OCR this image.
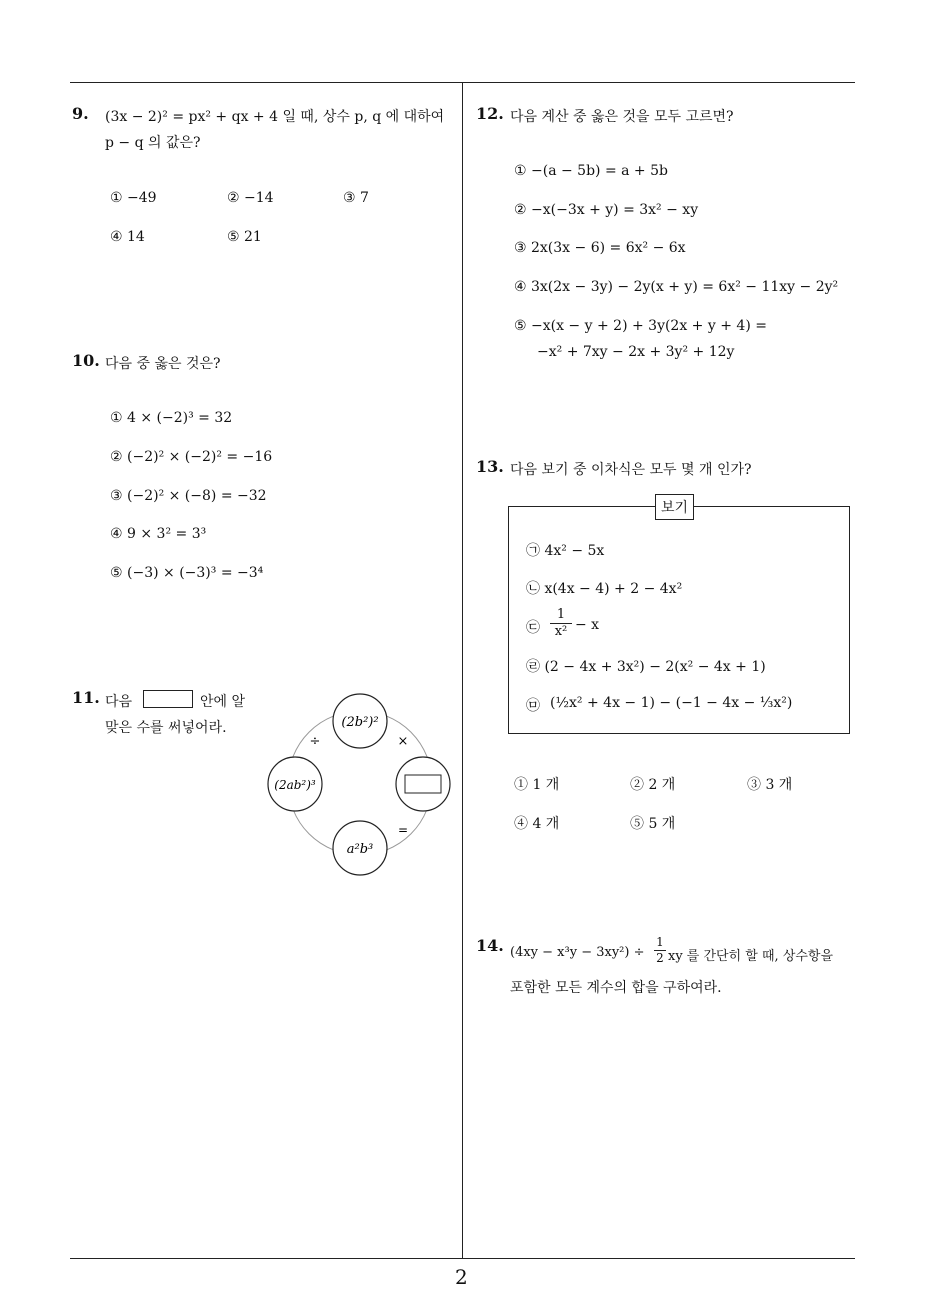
2
9. (3x − 2)² = px² + qx + 4 일 때, 상수 p, q 에 대하여
p − q 의 값은?
① −49	② −14	③ 7
④ 14	⑤ 21
10. 다음 중 옳은 것은?
① 4 × (−2)³ = 32
② (−2)² × (−2)² = −16
③ (−2)² × (−8) = −32
④ 9 × 3² = 3³
⑤ (−3) × (−3)³ = −3⁴
11. 다음	안에 알
맞은 수를 써넣어라.	(2b²)²
(2ab²)³
a²b³
÷	×
=
12. 다음 계산 중 옳은 것을 모두 고르면?
① −(a − 5b) = a + 5b
② −x(−3x + y) = 3x² − xy
③ 2x(3x − 6) = 6x² − 6x
④ 3x(2x − 3y) − 2y(x + y) = 6x² − 11xy − 2y²
⑤ −x(x − y + 2) + 3y(2x + y + 4) =
−x² + 7xy − 2x + 3y² + 12y
13. 다음 보기 중 이차식은 모두 몇 개 인가?
보기
㉠ 4x² − 5x
㉡ x(4x − 4) + 2 − 4x²
㉢ $\frac{1}{\text{x²}} - x$
㉣ (2 − 4x + 3x²) − 2(x² − 4x + 1)
㉤ (½x² + 4x − 1) − (−1 − 4x − ⅓x²)
① 1 개	② 2 개	③ 3 개
④ 4 개	⑤ 5 개
14. $(4xy - x^3y - 3xy^2) \div \frac{1}{2}$ xy 를 간단히 할 때, 상수항을
포함한 모든 계수의 합을 구하여라.
